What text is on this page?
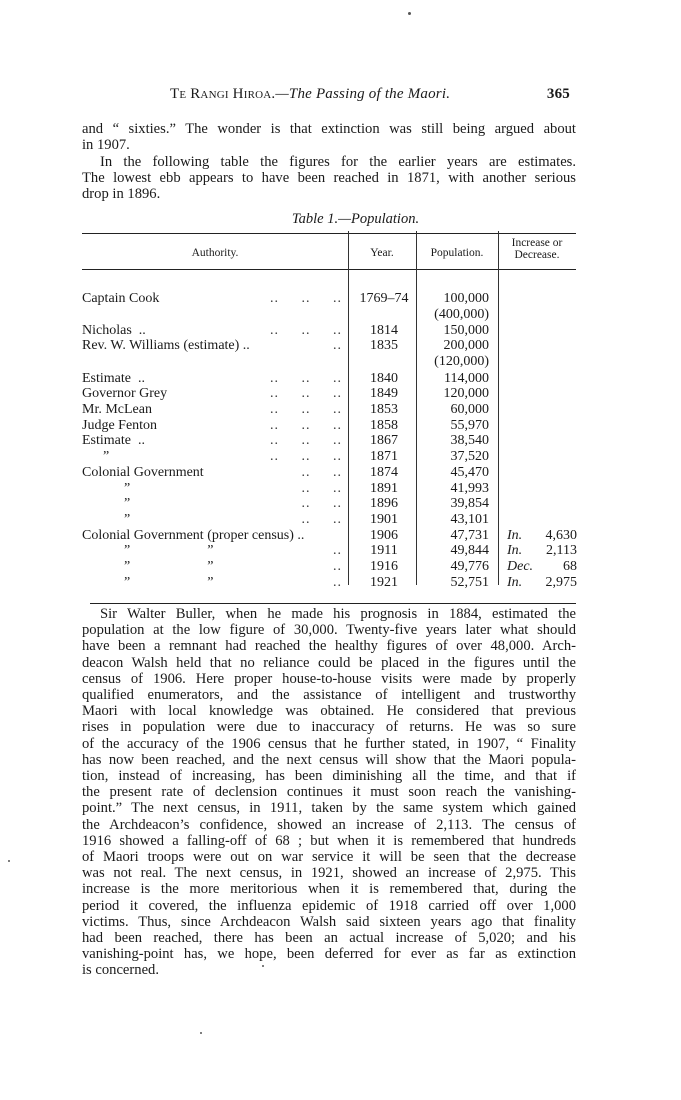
Te Rangi Hiroa.—The Passing of the Maori.	365
and “ sixties.” The wonder is that extinction was still being argued about
in 1907.
In the following table the figures for the earlier years are estimates.
The lowest ebb appears to have been reached in 1871, with another serious
drop in 1896.
Table 1.—Population.
Authority.	Year.	Population.
Increase or
Decrease.
Captain Cook	..     ..     ..	1769–74	100,000
(400,000)
Nicholas  ..	..     ..     ..	1814	150,000
Rev. W. Williams (estimate) ..	..	1835	200,000
(120,000)
Estimate  ..	..     ..     ..	1840	114,000
Governor Grey	..     ..     ..	1849	120,000
Mr. McLean	..     ..     ..	1853	60,000
Judge Fenton	..     ..     ..	1858	55,970
Estimate  ..	..     ..     ..	1867	38,540
”	..     ..     ..	1871	37,520
Colonial Government	..     ..	1874	45,470
”	..     ..	1891	41,993
”	..     ..	1896	39,854
”	..     ..	1901	43,101
Colonial Government (proper census) ..	1906	47,731	In. 4,630
”                      ”	..	1911	49,844	In. 2,113
”                      ”	..	1916	49,776	Dec.	68
”                      ”	..	1921	52,751	In. 2,975
Sir Walter Buller, when he made his prognosis in 1884, estimated the
population at the low figure of 30,000. Twenty-five years later what should
have been a remnant had reached the healthy figures of over 48,000. Arch-
deacon Walsh held that no reliance could be placed in the figures until the
census of 1906. Here proper house-to-house visits were made by properly
qualified enumerators, and the assistance of intelligent and trustworthy
Maori with local knowledge was obtained. He considered that previous
rises in population were due to inaccuracy of returns. He was so sure
of the accuracy of the 1906 census that he further stated, in 1907, “ Finality
has now been reached, and the next census will show that the Maori popula-
tion, instead of increasing, has been diminishing all the time, and that if
the present rate of declension continues it must soon reach the vanishing-
point.” The next census, in 1911, taken by the same system which gained
the Archdeacon’s confidence, showed an increase of 2,113. The census of
1916 showed a falling-off of 68 ; but when it is remembered that hundreds
of Maori troops were out on war service it will be seen that the decrease
was not real. The next census, in 1921, showed an increase of 2,975. This
increase is the more meritorious when it is remembered that, during the
period it covered, the influenza epidemic of 1918 carried off over 1,000
victims. Thus, since Archdeacon Walsh said sixteen years ago that finality
had been reached, there has been an actual increase of 5,020; and his
vanishing-point has, we hope, been deferred for ever as far as extinction
is concerned.
